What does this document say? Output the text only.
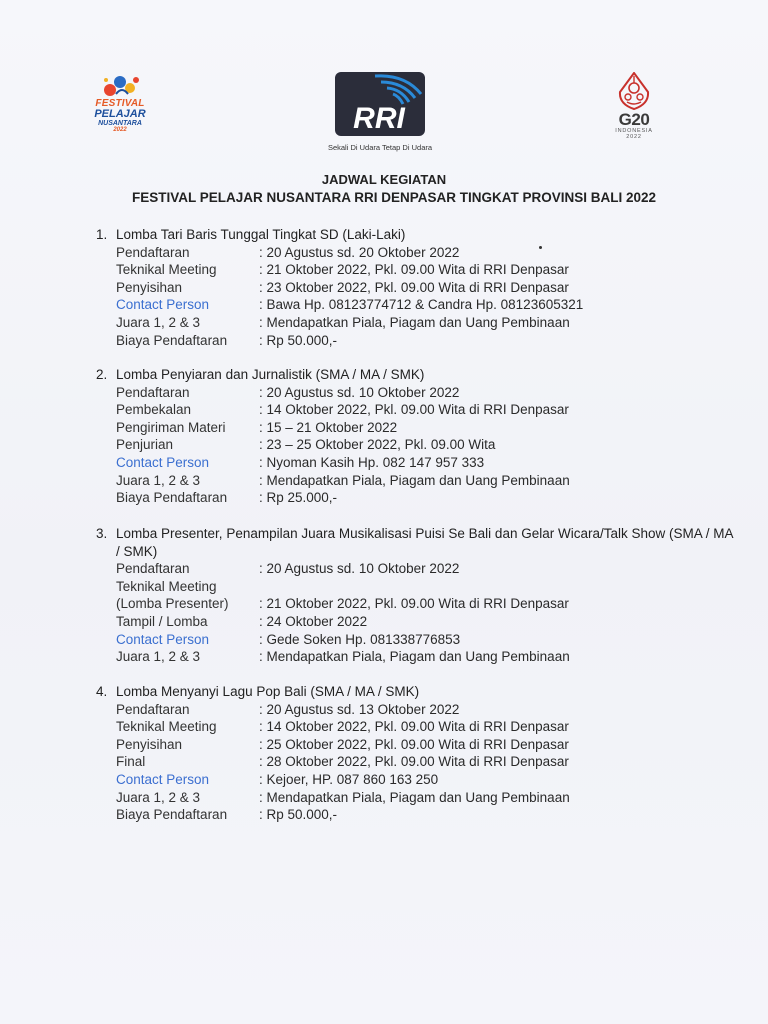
FESTIVAL
PELAJAR
NUSANTARA
2022	RRI
Sekali Di Udara Tetap Di Udara
G20
INDONESIA
2022
JADWAL KEGIATAN
FESTIVAL PELAJAR NUSANTARA RRI DENPASAR TINGKAT PROVINSI BALI 2022
1. Lomba Tari Baris Tunggal Tingkat SD (Laki-Laki)
Pendaftaran	: 20 Agustus sd. 20 Oktober 2022
Teknikal Meeting	: 21 Oktober 2022, Pkl. 09.00 Wita di RRI Denpasar
Penyisihan	: 23 Oktober 2022, Pkl. 09.00 Wita di RRI Denpasar
Contact Person	: Bawa Hp. 08123774712 & Candra Hp. 08123605321
Juara 1, 2 & 3	: Mendapatkan Piala, Piagam dan Uang Pembinaan
Biaya Pendaftaran	: Rp 50.000,-
2. Lomba Penyiaran dan Jurnalistik (SMA / MA / SMK)
Pendaftaran	: 20 Agustus sd. 10 Oktober 2022
Pembekalan	: 14 Oktober 2022, Pkl. 09.00 Wita di RRI Denpasar
Pengiriman Materi	: 15 – 21 Oktober 2022
Penjurian	: 23 – 25 Oktober 2022, Pkl. 09.00 Wita
Contact Person	: Nyoman Kasih Hp. 082 147 957 333
Juara 1, 2 & 3	: Mendapatkan Piala, Piagam dan Uang Pembinaan
Biaya Pendaftaran	: Rp 25.000,-
3. Lomba Presenter, Penampilan Juara Musikalisasi Puisi Se Bali dan Gelar Wicara/Talk Show (SMA / MA / SMK)
Pendaftaran	: 20 Agustus sd. 10 Oktober 2022
Teknikal Meeting
(Lomba Presenter)	: 21 Oktober 2022, Pkl. 09.00 Wita di RRI Denpasar
Tampil / Lomba	: 24 Oktober 2022
Contact Person	: Gede Soken Hp. 081338776853
Juara 1, 2 & 3	: Mendapatkan Piala, Piagam dan Uang Pembinaan
4. Lomba Menyanyi Lagu Pop Bali (SMA / MA / SMK)
Pendaftaran	: 20 Agustus sd. 13 Oktober 2022
Teknikal Meeting	: 14 Oktober 2022, Pkl. 09.00 Wita di RRI Denpasar
Penyisihan	: 25 Oktober 2022, Pkl. 09.00 Wita di RRI Denpasar
Final	: 28 Oktober 2022, Pkl. 09.00 Wita di RRI Denpasar
Contact Person	: Kejoer, HP. 087 860 163 250
Juara 1, 2 & 3	: Mendapatkan Piala, Piagam dan Uang Pembinaan
Biaya Pendaftaran	: Rp 50.000,-
